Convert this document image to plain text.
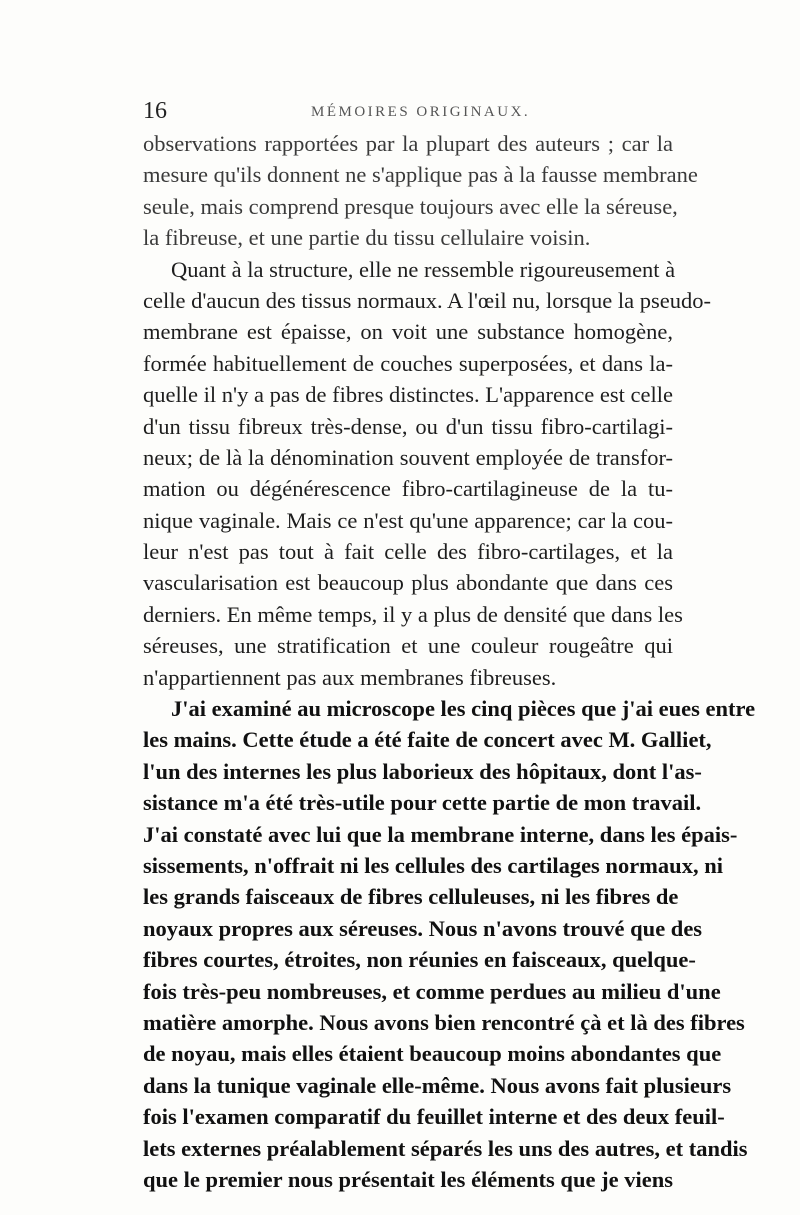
16	MÉMOIRES ORIGINAUX.
observations rapportées par la plupart des auteurs ; car la
mesure qu'ils donnent ne s'applique pas à la fausse membrane
seule, mais comprend presque toujours avec elle la séreuse,
la fibreuse, et une partie du tissu cellulaire voisin.
Quant à la structure, elle ne ressemble rigoureusement à
celle d'aucun des tissus normaux. A l'œil nu, lorsque la pseudo-
membrane est épaisse, on voit une substance homogène,
formée habituellement de couches superposées, et dans la-
quelle il n'y a pas de fibres distinctes. L'apparence est celle
d'un tissu fibreux très-dense, ou d'un tissu fibro-cartilagi-
neux; de là la dénomination souvent employée de transfor-
mation ou dégénérescence fibro-cartilagineuse de la tu-
nique vaginale. Mais ce n'est qu'une apparence; car la cou-
leur n'est pas tout à fait celle des fibro-cartilages, et la
vascularisation est beaucoup plus abondante que dans ces
derniers. En même temps, il y a plus de densité que dans les
séreuses, une stratification et une couleur rougeâtre qui
n'appartiennent pas aux membranes fibreuses.
J'ai examiné au microscope les cinq pièces que j'ai eues entre
les mains. Cette étude a été faite de concert avec M. Galliet,
l'un des internes les plus laborieux des hôpitaux, dont l'as-
sistance m'a été très-utile pour cette partie de mon travail.
J'ai constaté avec lui que la membrane interne, dans les épais-
sissements, n'offrait ni les cellules des cartilages normaux, ni
les grands faisceaux de fibres celluleuses, ni les fibres de
noyaux propres aux séreuses. Nous n'avons trouvé que des
fibres courtes, étroites, non réunies en faisceaux, quelque-
fois très-peu nombreuses, et comme perdues au milieu d'une
matière amorphe. Nous avons bien rencontré çà et là des fibres
de noyau, mais elles étaient beaucoup moins abondantes que
dans la tunique vaginale elle-même. Nous avons fait plusieurs
fois l'examen comparatif du feuillet interne et des deux feuil-
lets externes préalablement séparés les uns des autres, et tandis
que le premier nous présentait les éléments que je viens
